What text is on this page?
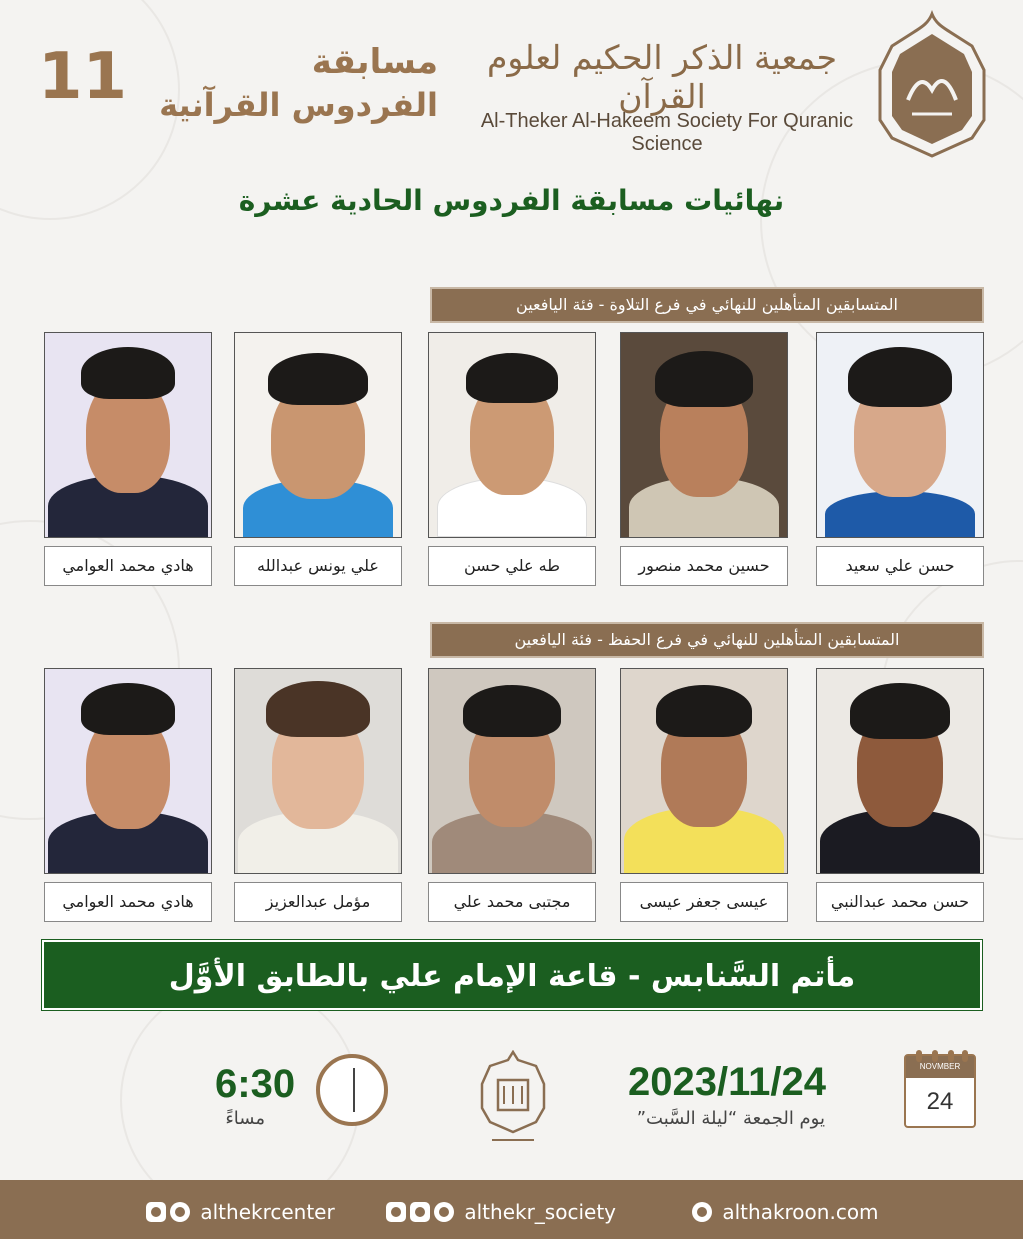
11	مسابقة
الفردوس القرآنية
جمعية الذكر الحكيم لعلوم القرآن
Al-Theker Al-Hakeem Society For Quranic Science
نهائيات مسابقة الفردوس الحادية عشرة
المتسابقين المتأهلين للنهائي في فرع التلاوة - فئة اليافعين
حسن علي سعيد
حسين محمد منصور
طه علي حسن
علي يونس عبدالله
هادي محمد العوامي
المتسابقين المتأهلين للنهائي في فرع الحفظ - فئة اليافعين
حسن محمد عبدالنبي
عيسى جعفر عيسى
مجتبى محمد علي
مؤمل عبدالعزيز
هادي محمد العوامي
مأتم السَّنابس - قاعة الإمام علي بالطابق الأوَّل
6:30
مساءً
2023/11/24
يوم الجمعة “ليلة السَّبت”
NOVMBER
24
althekrcenter	althekr_society	althakroon.com
